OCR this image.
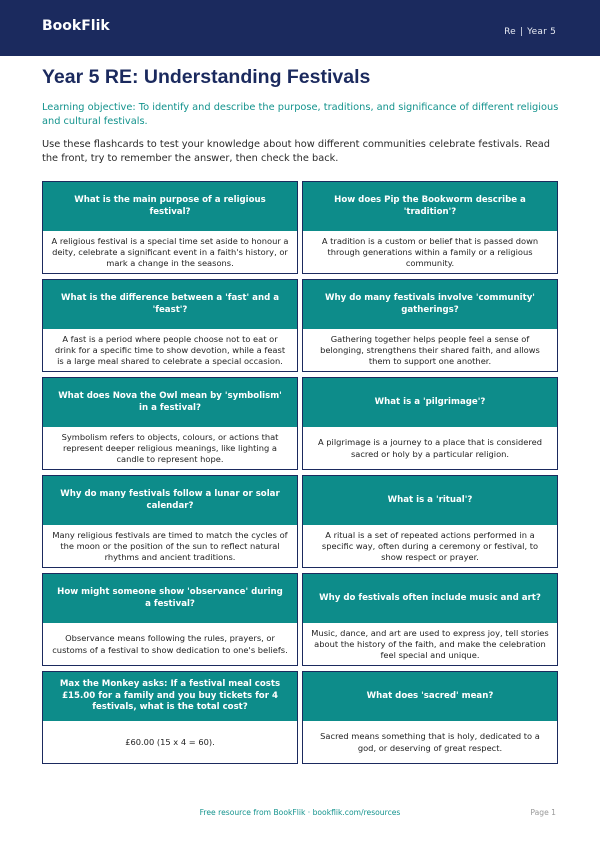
BookFlik	Re | Year 5
Year 5 RE: Understanding Festivals

Learning objective: To identify and describe the purpose, traditions, and significance of different religious and cultural festivals.

Use these flashcards to test your knowledge about how different communities celebrate festivals. Read the front, try to remember the answer, then check the back.

What is the main purpose of a religious festival?
A religious festival is a special time set aside to honour a deity, celebrate a significant event in a faith's history, or mark a change in the seasons.
How does Pip the Bookworm describe a 'tradition'?
A tradition is a custom or belief that is passed down through generations within a family or a religious community.
What is the difference between a 'fast' and a 'feast'?
A fast is a period where people choose not to eat or drink for a specific time to show devotion, while a feast is a large meal shared to celebrate a special occasion.
Why do many festivals involve 'community' gatherings?
Gathering together helps people feel a sense of belonging, strengthens their shared faith, and allows them to support one another.
What does Nova the Owl mean by 'symbolism' in a festival?
Symbolism refers to objects, colours, or actions that represent deeper religious meanings, like lighting a candle to represent hope.
What is a 'pilgrimage'?
A pilgrimage is a journey to a place that is considered sacred or holy by a particular religion.
Why do many festivals follow a lunar or solar calendar?
Many religious festivals are timed to match the cycles of the moon or the position of the sun to reflect natural rhythms and ancient traditions.
What is a 'ritual'?
A ritual is a set of repeated actions performed in a specific way, often during a ceremony or festival, to show respect or prayer.
How might someone show 'observance' during a festival?
Observance means following the rules, prayers, or customs of a festival to show dedication to one's beliefs.
Why do festivals often include music and art?
Music, dance, and art are used to express joy, tell stories about the history of the faith, and make the celebration feel special and unique.
Max the Monkey asks: If a festival meal costs £15.00 for a family and you buy tickets for 4 festivals, what is the total cost?
£60.00 (15 x 4 = 60).
What does 'sacred' mean?
Sacred means something that is holy, dedicated to a god, or deserving of great respect.
Free resource from BookFlik · bookflik.com/resources	Page 1
